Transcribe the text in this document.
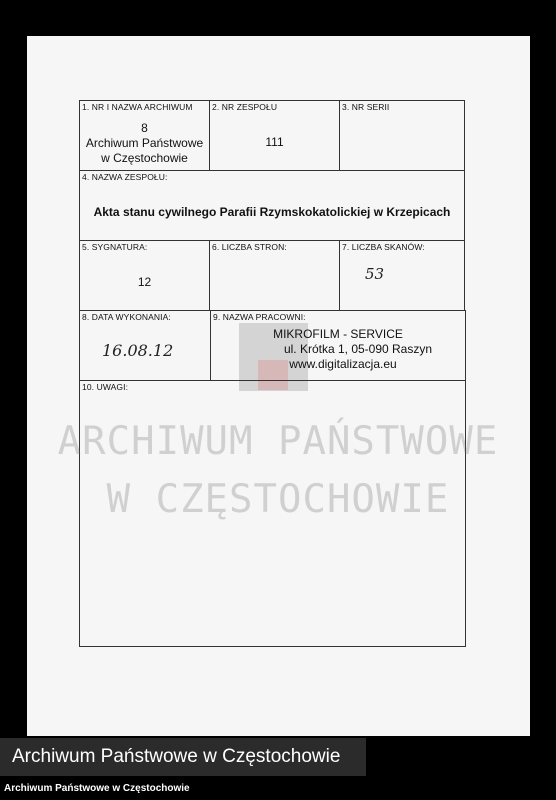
1. NR I NAZWA ARCHIWUM
8
Archiwum Państwowe
w Częstochowie
2. NR ZESPOŁU
111
3. NR SERII
4. NAZWA ZESPOŁU:
Akta stanu cywilnego Parafii Rzymskokatolickiej w Krzepicach
5. SYGNATURA:
12
6. LICZBA STRON:	7. LICZBA SKANÓW:
53
8. DATA WYKONANIA:
16.08.12
9. NAZWA PRACOWNI:
MIKROFILM - SERVICE
ul. Krótka 1, 05-090 Raszyn
www.digitalizacja.eu
10. UWAGI:
ARCHIWUM PAŃSTWOWE
W CZĘSTOCHOWIE
Archiwum Państwowe w Częstochowie
Archiwum Państwowe w Częstochowie
